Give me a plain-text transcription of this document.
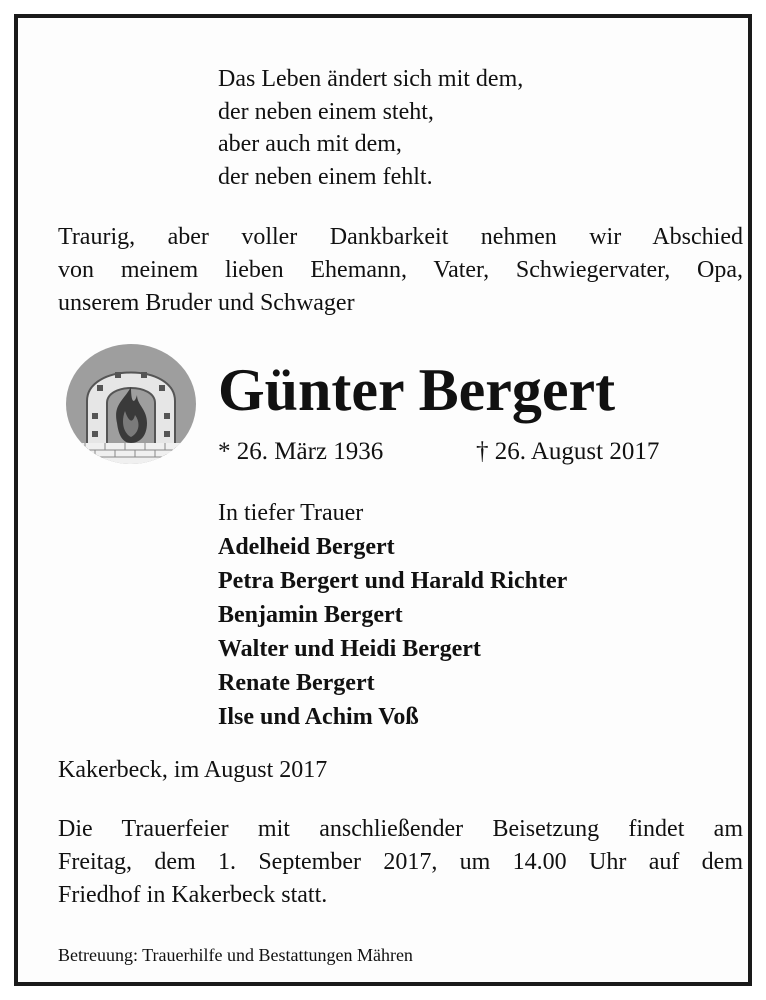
Das Leben ändert sich mit dem,
der neben einem steht,
aber auch mit dem,
der neben einem fehlt.
Traurig, aber voller Dankbarkeit nehmen wir Abschied
von meinem lieben Ehemann, Vater, Schwiegervater, Opa,
unserem Bruder und Schwager
Günter Bergert
* 26. März 1936	† 26. August 2017
In tiefer Trauer
Adelheid Bergert
Petra Bergert und Harald Richter
Benjamin Bergert
Walter und Heidi Bergert
Renate Bergert
Ilse und Achim Voß
Kakerbeck, im August 2017
Die Trauerfeier mit anschließender Beisetzung findet am
Freitag, dem 1. September 2017, um 14.00 Uhr auf dem
Friedhof in Kakerbeck statt.
Betreuung: Trauerhilfe und Bestattungen Mähren
